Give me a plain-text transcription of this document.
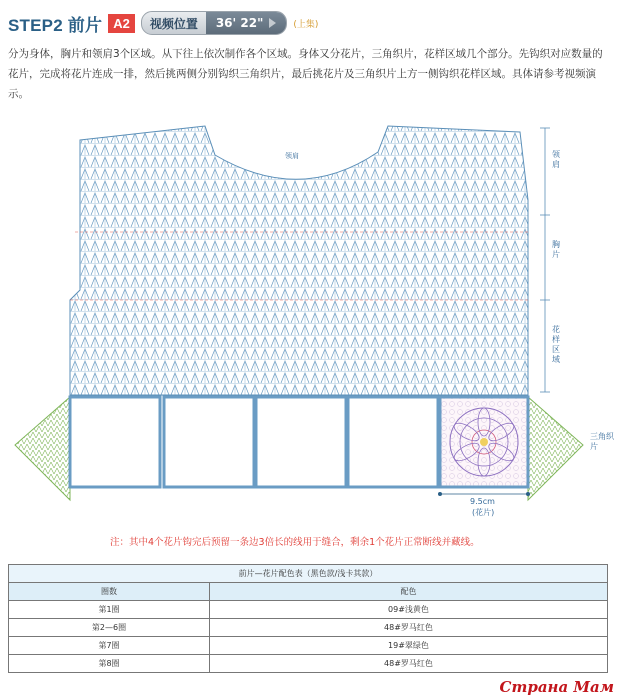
STEP2 前片 A2	视频位置	36' 22"	(上集)
分为身体，胸片和领肩3个区域。从下往上依次制作各个区域。身体又分花片，三角织片，花样区域几个部分。先钩织对应数量的花片，完成将花片连成一排，然后挑两侧分别钩织三角织片，最后挑花片及三角织片上方一侧钩织花样区域。具体请参考视频演示。
领肩	领肩
胸片
花样区域
三角织片
9.5cm
(花片)
注：其中4个花片钩完后预留一条边3倍长的线用于缝合，剩余1个花片正常断线并藏线。
前片—花片配色表（黑色款/浅卡其款）	
圈数	配色
第1圈	09#浅黄色
第2—6圈	48#罗马红色
第7圈	19#翠绿色
第8圈	48#罗马红色
Страна Мам
